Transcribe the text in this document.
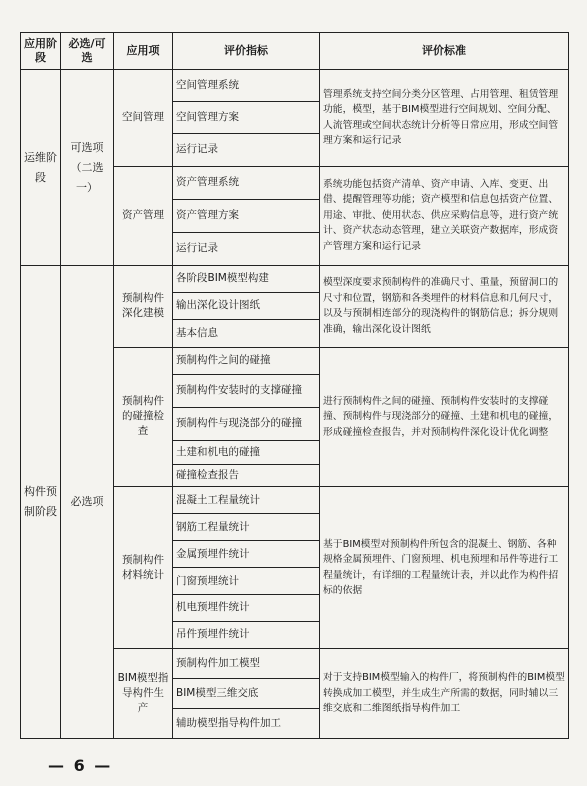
应用阶段	必选/可选	应用项	评价指标	评价标准
运维阶段	可选项（二选一）	空间管理	空间管理系统	管理系统支持空间分类分区管理、占用管理、租赁管理功能，模型，基于BIM模型进行空间规划、空间分配、人流管理或空间状态统计分析等日常应用，形成空间管理方案和运行记录
			空间管理方案	
			运行记录	
		资产管理	资产管理系统	系统功能包括资产清单、资产申请、入库、变更、出借、提醒管理等功能；资产模型和信息包括资产位置、用途、审批、使用状态、供应采购信息等，进行资产统计、资产状态动态管理，建立关联资产数据库，形成资产管理方案和运行记录
			资产管理方案	
			运行记录	
构件预制阶段	必选项	预制构件深化建模	各阶段BIM模型构建	模型深度要求预制构件的准确尺寸、重量，预留洞口的尺寸和位置，钢筋和各类埋件的材料信息和几何尺寸，以及与预制相连部分的现浇构件的钢筋信息；拆分规则准确，输出深化设计图纸
			输出深化设计图纸	
			基本信息	
		预制构件的碰撞检查	预制构件之间的碰撞	进行预制构件之间的碰撞、预制构件安装时的支撑碰撞、预制构件与现浇部分的碰撞、土建和机电的碰撞，形成碰撞检查报告，并对预制构件深化设计优化调整
			预制构件安装时的支撑碰撞	
			预制构件与现浇部分的碰撞	
			土建和机电的碰撞	
			碰撞检查报告	
		预制构件材料统计	混凝土工程量统计	基于BIM模型对预制构件所包含的混凝土、钢筋、各种规格金属预埋件、门窗预埋、机电预埋和吊件等进行工程量统计，有详细的工程量统计表，并以此作为构件招标的依据
			钢筋工程量统计	
			金属预埋件统计	
			门窗预埋统计	
			机电预埋件统计	
			吊件预埋件统计	
		BIM模型指导构件生产	预制构件加工模型	对于支持BIM模型输入的构件厂，将预制构件的BIM模型转换成加工模型，并生成生产所需的数据，同时辅以三维交底和二维图纸指导构件加工
			BIM模型三维交底	
			辅助模型指导构件加工	
— 6 —
